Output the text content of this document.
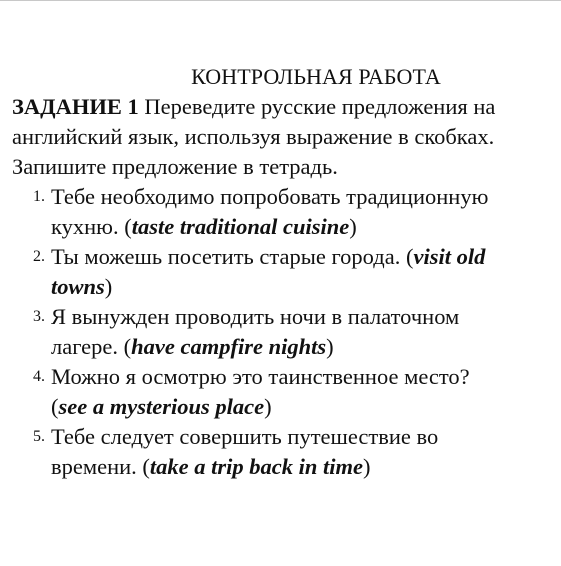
КОНТРОЛЬНАЯ РАБОТА

ЗАДАНИЕ 1 Переведите русские предложения на английский язык, используя выражение в скобках. Запишите предложение в тетрадь.

1. Тебе необходимо попробовать традиционную кухню. (taste traditional cuisine)
2. Ты можешь посетить старые города. (visit old towns)
3. Я вынужден проводить ночи в палаточном лагере. (have campfire nights)
4. Можно я осмотрю это таинственное место? (see a mysterious place)
5. Тебе следует совершить путешествие во времени. (take a trip back in time)
